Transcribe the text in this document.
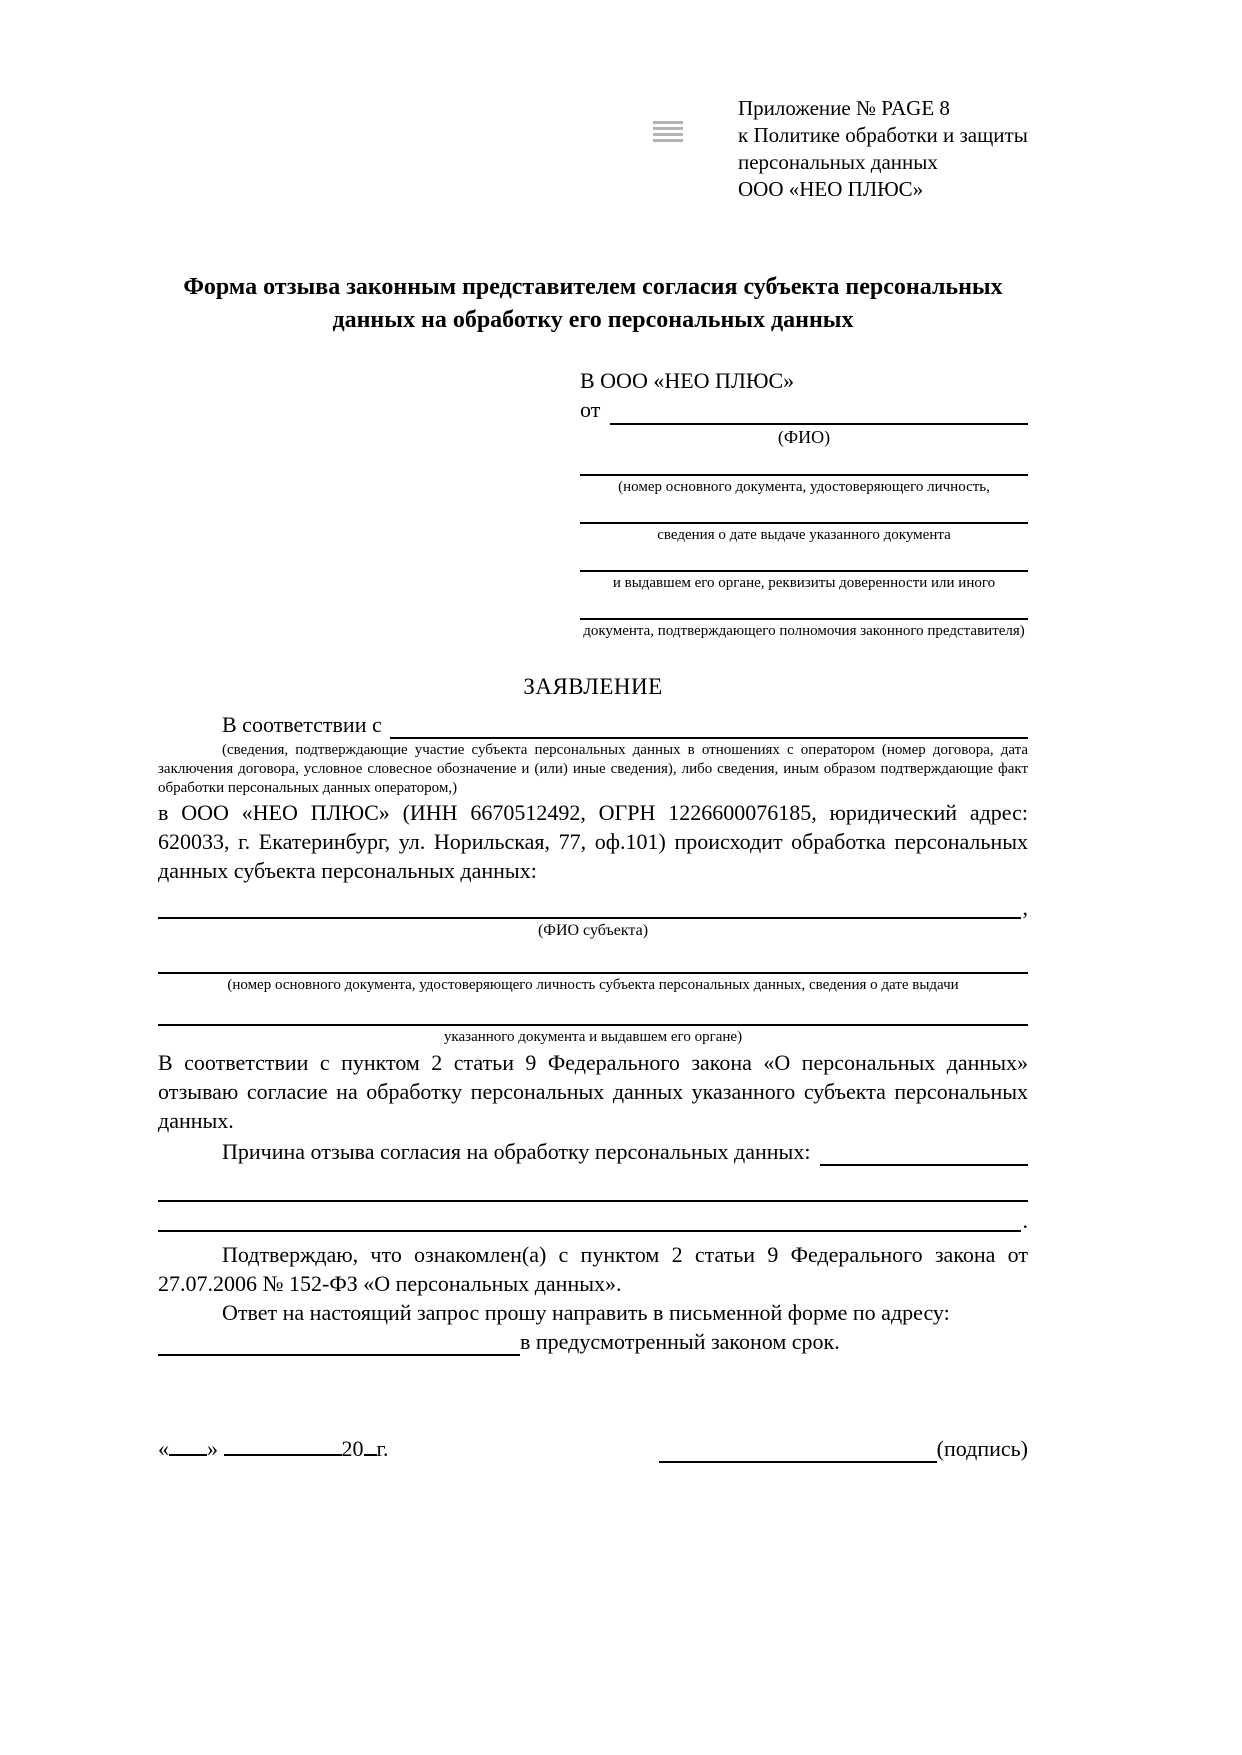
Приложение № PAGE 8
к Политике обработки и защиты
персональных данных
ООО «НЕО ПЛЮС»
Форма отзыва законным представителем согласия субъекта персональных данных на обработку его персональных данных
В ООО «НЕО ПЛЮС»
от
(ФИО)
(номер основного документа, удостоверяющего личность,
сведения о дате выдаче указанного документа
и выдавшем его органе, реквизиты доверенности или иного
документа, подтверждающего полномочия законного представителя)
ЗАЯВЛЕНИЕ
В соответствии с

(сведения, подтверждающие участие субъекта персональных данных в отношениях с оператором (номер договора, дата заключения договора, условное словесное обозначение и (или) иные сведения), либо сведения, иным образом подтверждающие факт обработки персональных данных оператором,)

в ООО «НЕО ПЛЮС» (ИНН 6670512492, ОГРН 1226600076185, юридический адрес: 620033, г. Екатеринбург, ул. Норильская, 77, оф.101) происходит обработка персональных данных субъекта персональных данных:

,
(ФИО субъекта)
(номер основного документа, удостоверяющего личность субъекта персональных данных, сведения о дате выдачи
указанного документа и выдавшем его органе)

В соответствии с пунктом 2 статьи 9 Федерального закона «О персональных данных» отзываю согласие на обработку персональных данных указанного субъекта персональных данных.

Причина отзыва согласия на обработку персональных данных:
.

Подтверждаю, что ознакомлен(а) с пунктом 2 статьи 9 Федерального закона от 27.07.2006 № 152-ФЗ «О персональных данных».

Ответ на настоящий запрос прошу направить в письменной форме по адресу:

в предусмотренный законом срок.
« »	20 г.	(подпись)
